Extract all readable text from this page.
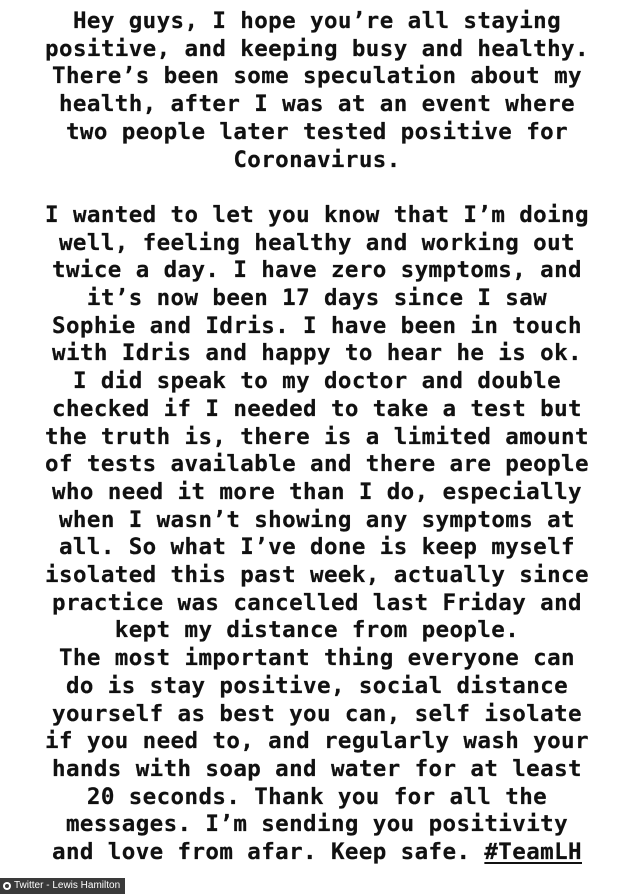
Hey guys, I hope you’re all staying
positive, and keeping busy and healthy.
There’s been some speculation about my
health, after I was at an event where
two people later tested positive for
Coronavirus.
I wanted to let you know that I’m doing
well, feeling healthy and working out
twice a day. I have zero symptoms, and
it’s now been 17 days since I saw
Sophie and Idris. I have been in touch
with Idris and happy to hear he is ok.
I did speak to my doctor and double
checked if I needed to take a test but
the truth is, there is a limited amount
of tests available and there are people
who need it more than I do, especially
when I wasn’t showing any symptoms at
all. So what I’ve done is keep myself
isolated this past week, actually since
practice was cancelled last Friday and
kept my distance from people.
The most important thing everyone can
do is stay positive, social distance
yourself as best you can, self isolate
if you need to, and regularly wash your
hands with soap and water for at least
20 seconds. Thank you for all the
messages. I’m sending you positivity
and love from afar. Keep safe. #TeamLH
Twitter - Lewis Hamilton
